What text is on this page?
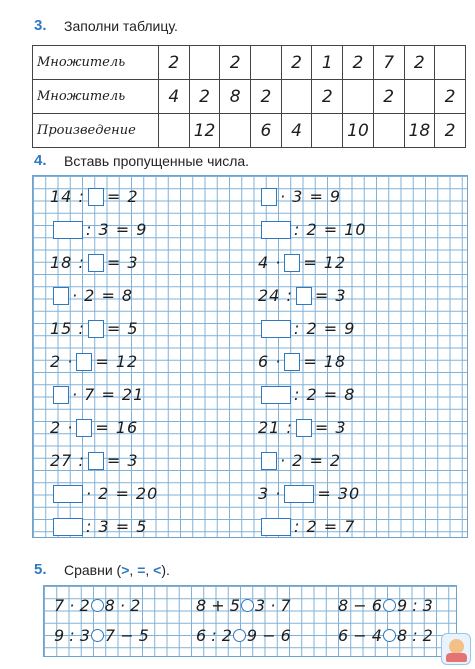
3. Заполни таблицу.
Множитель	2		2		2	1	2	7	2	
Множитель	4	2	8	2		2		2		2
Произведение		12		6	4		10		18	2
4. Вставь пропущенные числа.
14 : = 2
: 3 = 9
18 : = 3
· 2 = 8
15 : = 5
2 · = 12
· 7 = 21
2 · = 16
27 : = 3
· 2 = 20
: 3 = 5
· 3 = 9
: 2 = 10
4 · = 12
24 : = 3
: 2 = 9
6 · = 18
: 2 = 8
21 : = 3
· 2 = 2
3 · = 30
: 2 = 7
5. Сравни (>, =, <).
7 · 2 8 · 2	8 + 5 3 · 7	8 − 6 9 : 3
9 : 3 7 − 5	6 : 2 9 − 6	6 − 4 8 : 2
